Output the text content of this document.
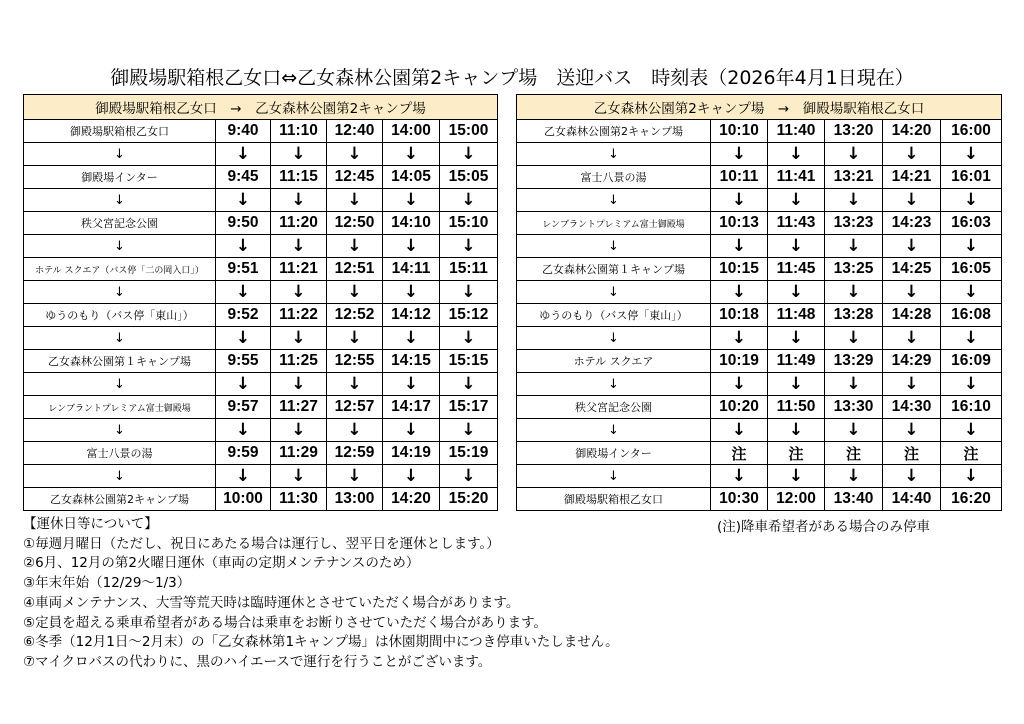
御殿場駅箱根乙女口⇔乙女森林公園第2キャンプ場　送迎バス　時刻表（2026年4月1日現在）
御殿場駅箱根乙女口　→　乙女森林公園第2キャンプ場					
御殿場駅箱根乙女口	9:40	11:10	12:40	14:00	15:00
↓	↓	↓	↓	↓	↓
御殿場インター	9:45	11:15	12:45	14:05	15:05
↓	↓	↓	↓	↓	↓
秩父宮記念公園	9:50	11:20	12:50	14:10	15:10
↓	↓	↓	↓	↓	↓
ホテル スクエア（バス停「二の岡入口」）	9:51	11:21	12:51	14:11	15:11
↓	↓	↓	↓	↓	↓
ゆうのもり（バス停「東山」）	9:52	11:22	12:52	14:12	15:12
↓	↓	↓	↓	↓	↓
乙女森林公園第１キャンプ場	9:55	11:25	12:55	14:15	15:15
↓	↓	↓	↓	↓	↓
レンブラントプレミアム富士御殿場	9:57	11:27	12:57	14:17	15:17
↓	↓	↓	↓	↓	↓
富士八景の湯	9:59	11:29	12:59	14:19	15:19
↓	↓	↓	↓	↓	↓
乙女森林公園第2キャンプ場	10:00	11:30	13:00	14:20	15:20
乙女森林公園第2キャンプ場　→　御殿場駅箱根乙女口					
乙女森林公園第2キャンプ場	10:10	11:40	13:20	14:20	16:00
↓	↓	↓	↓	↓	↓
富士八景の湯	10:11	11:41	13:21	14:21	16:01
↓	↓	↓	↓	↓	↓
レンブラントプレミアム富士御殿場	10:13	11:43	13:23	14:23	16:03
↓	↓	↓	↓	↓	↓
乙女森林公園第１キャンプ場	10:15	11:45	13:25	14:25	16:05
↓	↓	↓	↓	↓	↓
ゆうのもり（バス停「東山」）	10:18	11:48	13:28	14:28	16:08
↓	↓	↓	↓	↓	↓
ホテル スクエア	10:19	11:49	13:29	14:29	16:09
↓	↓	↓	↓	↓	↓
秩父宮記念公園	10:20	11:50	13:30	14:30	16:10
↓	↓	↓	↓	↓	↓
御殿場インター	注	注	注	注	注
↓	↓	↓	↓	↓	↓
御殿場駅箱根乙女口	10:30	12:00	13:40	14:40	16:20
【運休日等について】
①毎週月曜日（ただし、祝日にあたる場合は運行し、翌平日を運休とします。）
②6月、12月の第2火曜日運休（車両の定期メンテナンスのため）
③年末年始（12/29～1/3）
④車両メンテナンス、大雪等荒天時は臨時運休とさせていただく場合があります。
⑤定員を超える乗車希望者がある場合は乗車をお断りさせていただく場合があります。
⑥冬季（12月1日～2月末）の「乙女森林第1キャンプ場」は休園期間中につき停車いたしません。
⑦マイクロバスの代わりに、黒のハイエースで運行を行うことがございます。
(注)降車希望者がある場合のみ停車
